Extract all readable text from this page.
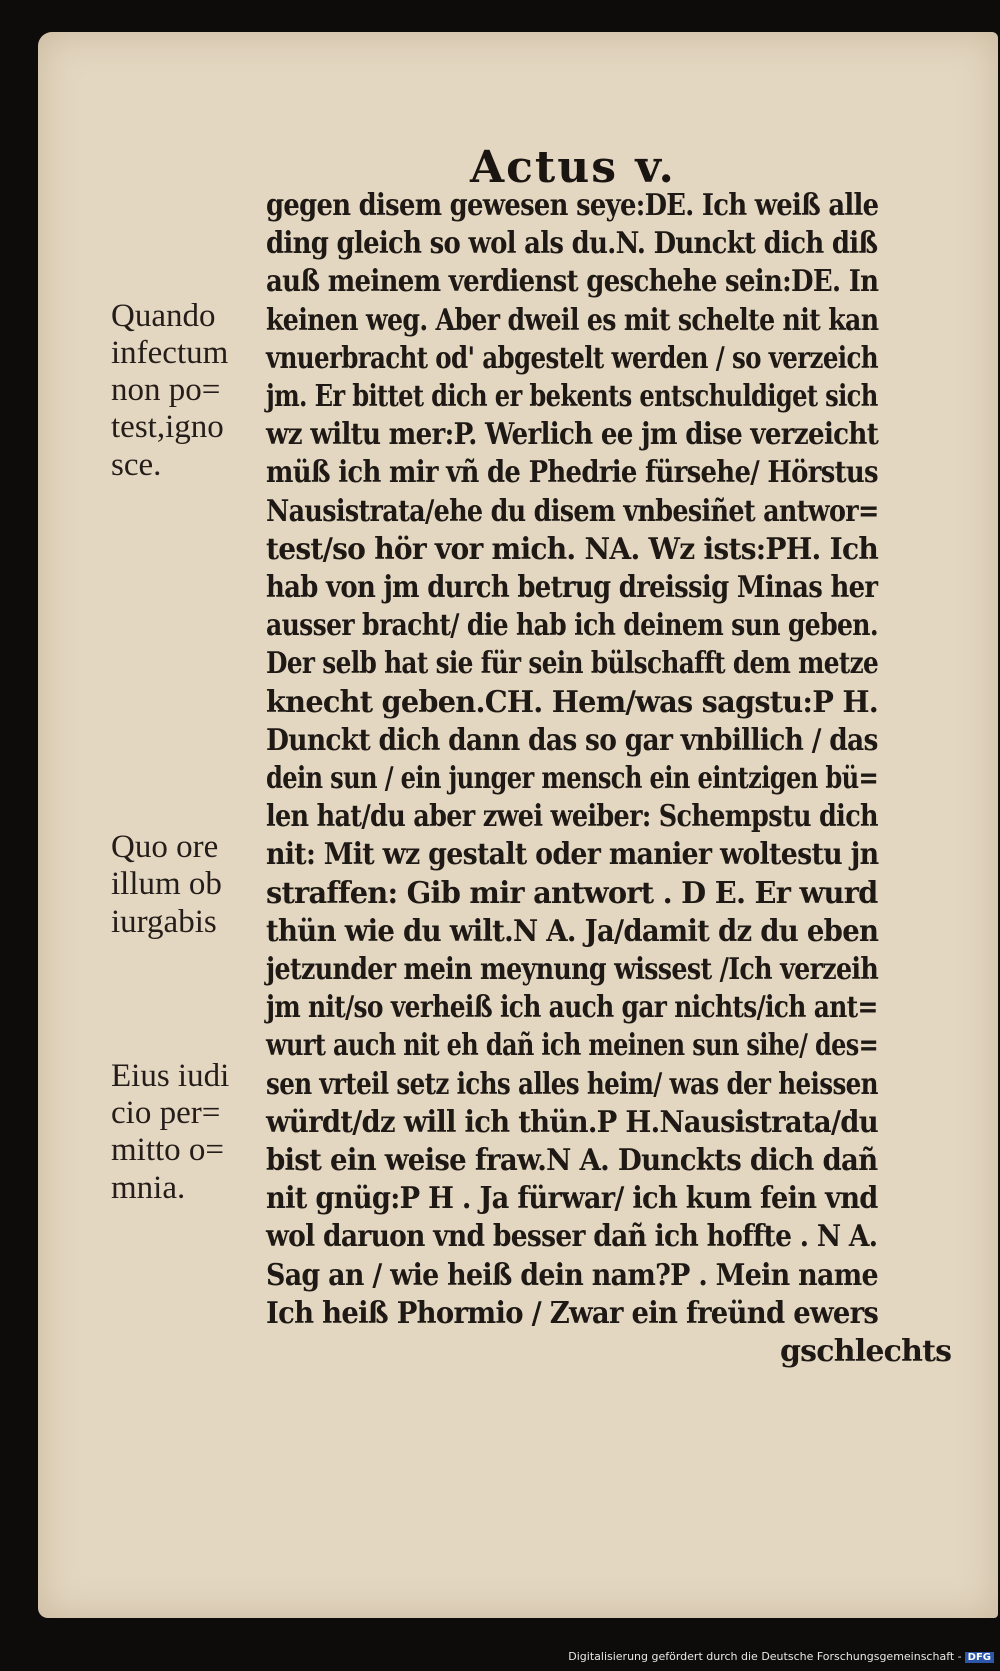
Actus v.
gegen disem gewesen seye:DE. Ich weiß alle
ding gleich so wol als du.N. Dunckt dich diß
auß meinem verdienst geschehe sein:DE. In
keinen weg. Aber dweil es mit schelte nit kan
vnuerbracht od' abgestelt werden / so verzeich
jm. Er bittet dich er bekents entschuldiget sich
wz wiltu mer:P. Werlich ee jm dise verzeicht
müß ich mir vñ de Phedrie fürsehe/ Hörstus
Nausistrata/ehe du disem vnbesiñet antwor=
test/so hör vor mich. NA. Wz ists:PH. Ich
hab von jm durch betrug dreissig Minas her
ausser bracht/ die hab ich deinem sun geben.
Der selb hat sie für sein bülschafft dem metze
knecht geben.CH. Hem/was sagstu:P H.
Dunckt dich dann das so gar vnbillich / das
dein sun / ein junger mensch ein eintzigen bü=
len hat/du aber zwei weiber: Schempstu dich
nit: Mit wz gestalt oder manier woltestu jn
straffen: Gib mir antwort . D E. Er wurd
thün wie du wilt.N A. Ja/damit dz du eben
jetzunder mein meynung wissest /Ich verzeih
jm nit/so verheiß ich auch gar nichts/ich ant=
wurt auch nit eh dañ ich meinen sun sihe/ des=
sen vrteil setz ichs alles heim/ was der heissen
würdt/dz will ich thün.P H.Nausistrata/du
bist ein weise fraw.N A. Dunckts dich dañ
nit gnüg:P H . Ja fürwar/ ich kum fein vnd
wol daruon vnd besser dañ ich hoffte . N A.
Sag an / wie heiß dein nam?P . Mein name
Ich heiß Phormio / Zwar ein freünd ewers
gschlechts
Quando
infectum
non po=
test,igno
sce.
Quo ore
illum ob
iurgabis
Eius iudi
cio per=
mitto o=
mnia.
Digitalisierung gefördert durch die Deutsche Forschungsgemeinschaft - DFG
